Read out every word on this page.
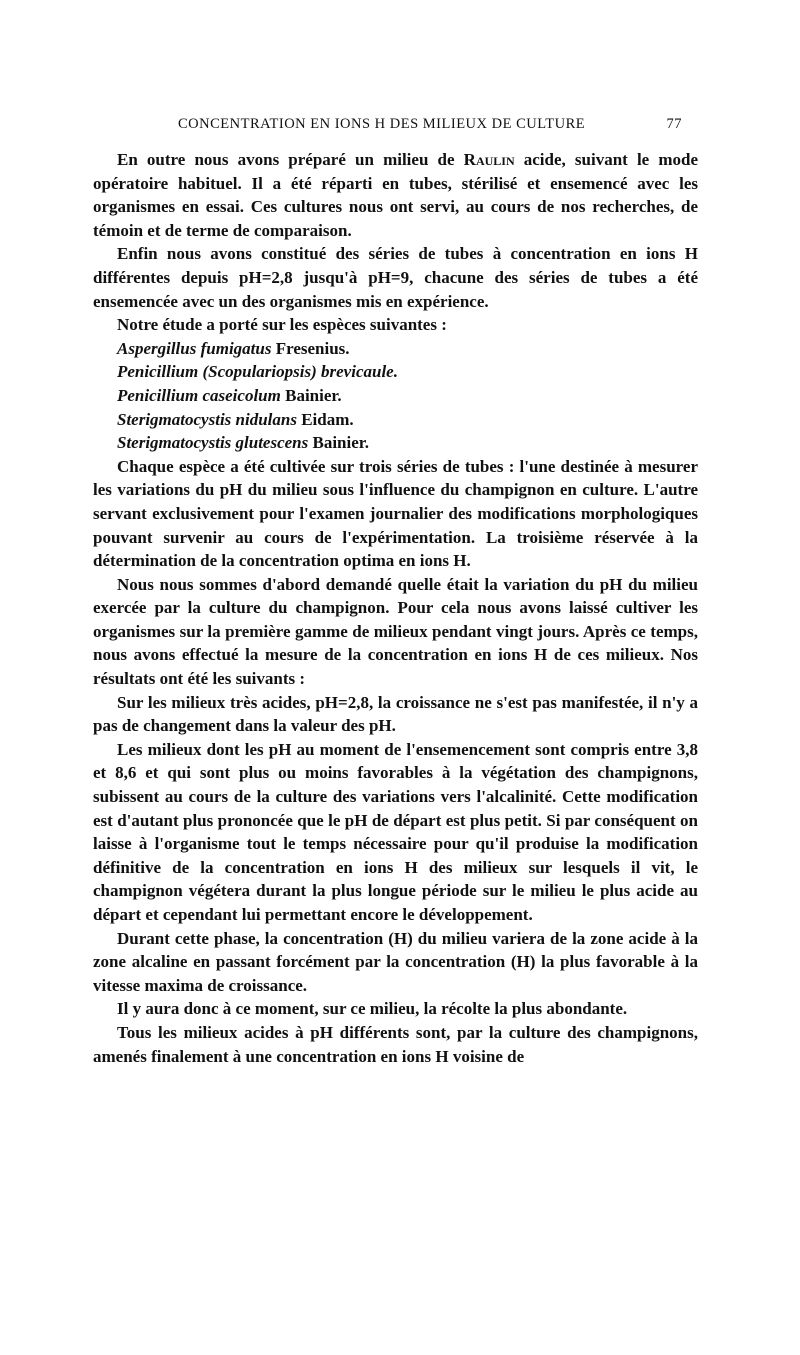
CONCENTRATION EN IONS H DES MILIEUX DE CULTURE	77

En outre nous avons préparé un milieu de Raulin acide, suivant le mode opératoire habituel. Il a été réparti en tubes, stérilisé et ensemencé avec les organismes en essai. Ces cultures nous ont servi, au cours de nos recherches, de témoin et de terme de comparaison.

Enfin nous avons constitué des séries de tubes à concentration en ions H différentes depuis pH=2,8 jusqu'à pH=9, chacune des séries de tubes a été ensemencée avec un des organismes mis en expérience.

Notre étude a porté sur les espèces suivantes :

Aspergillus fumigatus Fresenius.

Penicillium (Scopulariopsis) brevicaule.

Penicillium caseicolum Bainier.

Sterigmatocystis nidulans Eidam.

Sterigmatocystis glutescens Bainier.

Chaque espèce a été cultivée sur trois séries de tubes : l'une destinée à mesurer les variations du pH du milieu sous l'influence du champignon en culture. L'autre servant exclusivement pour l'examen journalier des modifications morphologiques pouvant survenir au cours de l'expérimentation. La troisième réservée à la détermination de la concentration optima en ions H.

Nous nous sommes d'abord demandé quelle était la variation du pH du milieu exercée par la culture du champignon. Pour cela nous avons laissé cultiver les organismes sur la première gamme de milieux pendant vingt jours. Après ce temps, nous avons effectué la mesure de la concentration en ions H de ces milieux. Nos résultats ont été les suivants :

Sur les milieux très acides, pH=2,8, la croissance ne s'est pas manifestée, il n'y a pas de changement dans la valeur des pH.

Les milieux dont les pH au moment de l'ensemencement sont compris entre 3,8 et 8,6 et qui sont plus ou moins favorables à la végétation des champignons, subissent au cours de la culture des variations vers l'alcalinité. Cette modification est d'autant plus prononcée que le pH de départ est plus petit. Si par conséquent on laisse à l'organisme tout le temps nécessaire pour qu'il produise la modification définitive de la concentration en ions H des milieux sur lesquels il vit, le champignon végétera durant la plus longue période sur le milieu le plus acide au départ et cependant lui permettant encore le développement.

Durant cette phase, la concentration (H) du milieu variera de la zone acide à la zone alcaline en passant forcément par la concentration (H) la plus favorable à la vitesse maxima de croissance.

Il y aura donc à ce moment, sur ce milieu, la récolte la plus abondante.

Tous les milieux acides à pH différents sont, par la culture des champignons, amenés finalement à une concentration en ions H voisine de
